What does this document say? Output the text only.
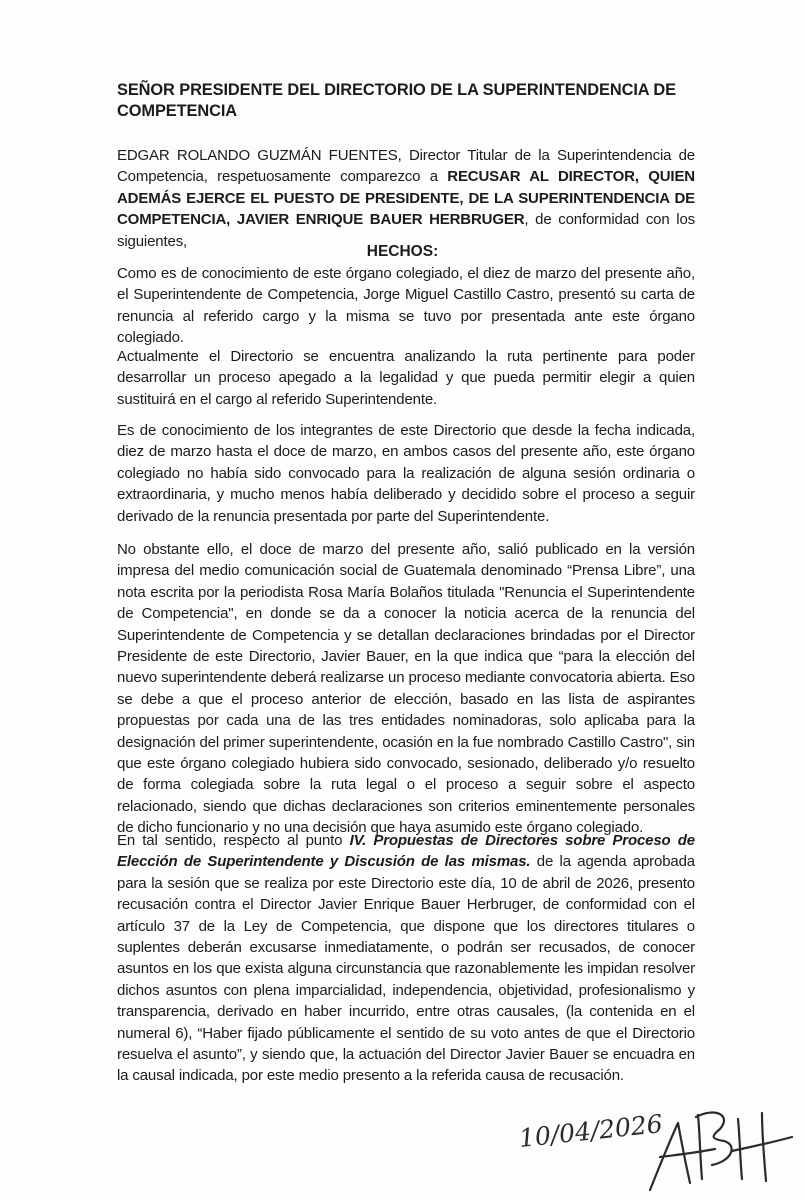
SEÑOR PRESIDENTE DEL DIRECTORIO DE LA SUPERINTENDENCIA DE COMPETENCIA
EDGAR ROLANDO GUZMÁN FUENTES, Director Titular de la Superintendencia de Competencia, respetuosamente comparezco a RECUSAR AL DIRECTOR, QUIEN ADEMÁS EJERCE EL PUESTO DE PRESIDENTE, DE LA SUPERINTENDENCIA DE COMPETENCIA, JAVIER ENRIQUE BAUER HERBRUGER, de conformidad con los siguientes,
HECHOS:
Como es de conocimiento de este órgano colegiado, el diez de marzo del presente año, el Superintendente de Competencia, Jorge Miguel Castillo Castro, presentó su carta de renuncia al referido cargo y la misma se tuvo por presentada ante este órgano colegiado.
Actualmente el Directorio se encuentra analizando la ruta pertinente para poder desarrollar un proceso apegado a la legalidad y que pueda permitir elegir a quien sustituirá en el cargo al referido Superintendente.
Es de conocimiento de los integrantes de este Directorio que desde la fecha indicada, diez de marzo hasta el doce de marzo, en ambos casos del presente año, este órgano colegiado no había sido convocado para la realización de alguna sesión ordinaria o extraordinaria, y mucho menos había deliberado y decidido sobre el proceso a seguir derivado de la renuncia presentada por parte del Superintendente.
No obstante ello, el doce de marzo del presente año, salió publicado en la versión impresa del medio comunicación social de Guatemala denominado “Prensa Libre”, una nota escrita por la periodista Rosa María Bolaños titulada "Renuncia el Superintendente de Competencia", en donde se da a conocer la noticia acerca de la renuncia del Superintendente de Competencia y se detallan declaraciones brindadas por el Director Presidente de este Directorio, Javier Bauer, en la que indica que “para la elección del nuevo superintendente deberá realizarse un proceso mediante convocatoria abierta. Eso se debe a que el proceso anterior de elección, basado en las lista de aspirantes propuestas por cada una de las tres entidades nominadoras, solo aplicaba para la designación del primer superintendente, ocasión en la fue nombrado Castillo Castro", sin que este órgano colegiado hubiera sido convocado, sesionado, deliberado y/o resuelto de forma colegiada sobre la ruta legal o el proceso a seguir sobre el aspecto relacionado, siendo que dichas declaraciones son criterios eminentemente personales de dicho funcionario y no una decisión que haya asumido este órgano colegiado.
En tal sentido, respecto al punto IV. Propuestas de Directores sobre Proceso de Elección de Superintendente y Discusión de las mismas. de la agenda aprobada para la sesión que se realiza por este Directorio este día, 10 de abril de 2026, presento recusación contra el Director Javier Enrique Bauer Herbruger, de conformidad con el artículo 37 de la Ley de Competencia, que dispone que los directores titulares o suplentes deberán excusarse inmediatamente, o podrán ser recusados, de conocer asuntos en los que exista alguna circunstancia que razonablemente les impidan resolver dichos asuntos con plena imparcialidad, independencia, objetividad, profesionalismo y transparencia, derivado en haber incurrido, entre otras causales, (la contenida en el numeral 6), “Haber fijado públicamente el sentido de su voto antes de que el Directorio resuelva el asunto”, y siendo que, la actuación del Director Javier Bauer se encuadra en la causal indicada, por este medio presento a la referida causa de recusación.
10/04/2026
